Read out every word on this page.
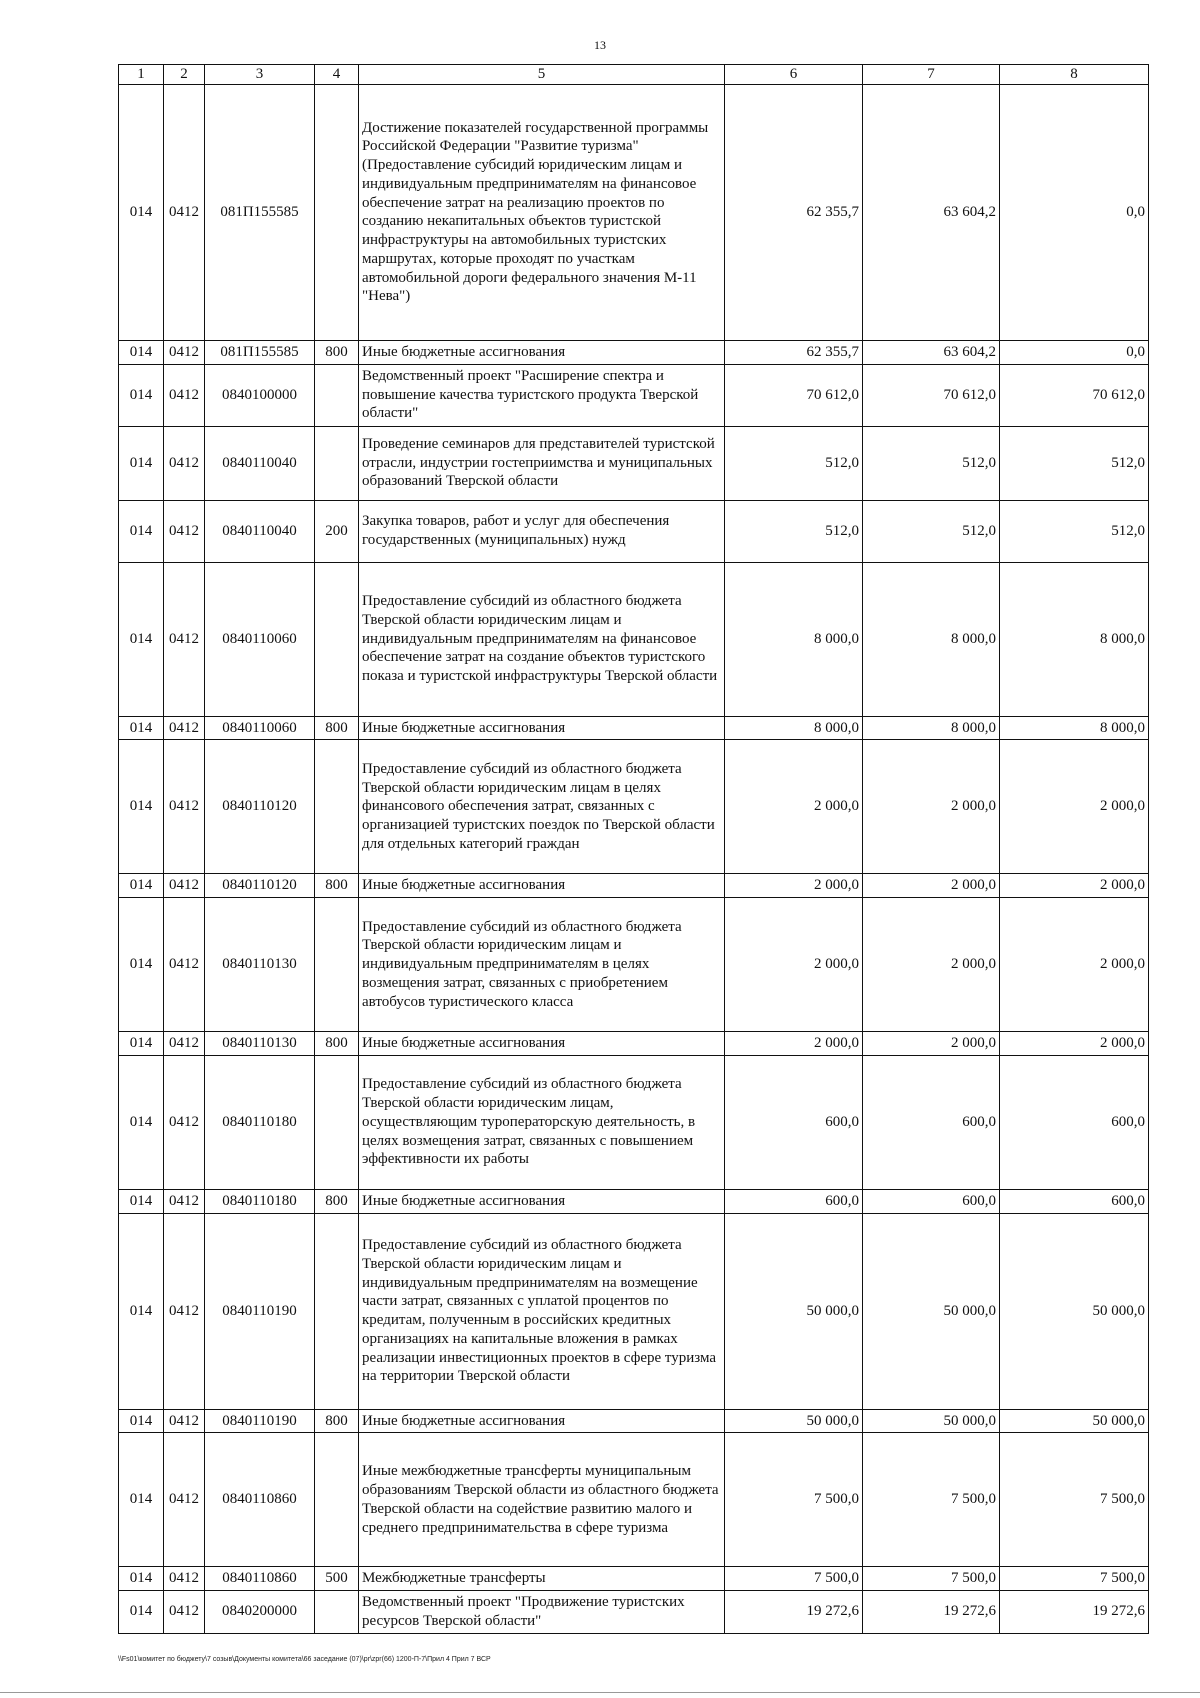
13
1	2	3	4	5	6	7	8
014	0412	081П155585		Достижение показателей государственной программы Российской Федерации "Развитие туризма" (Предоставление субсидий юридическим лицам и индивидуальным предпринимателям на финансовое обеспечение затрат на реализацию проектов по созданию некапитальных объектов туристской инфраструктуры на автомобильных туристских маршрутах, которые проходят по участкам автомобильной дороги федерального значения М-11 "Нева")	62 355,7	63 604,2	0,0
014	0412	081П155585	800	Иные бюджетные ассигнования	62 355,7	63 604,2	0,0
014	0412	0840100000		Ведомственный проект "Расширение спектра и повышение качества туристского продукта Тверской области"	70 612,0	70 612,0	70 612,0
014	0412	0840110040		Проведение семинаров для представителей туристской отрасли, индустрии гостеприимства и муниципальных образований Тверской области	512,0	512,0	512,0
014	0412	0840110040	200	Закупка товаров, работ и услуг для обеспечения государственных (муниципальных) нужд	512,0	512,0	512,0
014	0412	0840110060		Предоставление субсидий из областного бюджета Тверской области юридическим лицам и индивидуальным предпринимателям на финансовое обеспечение затрат на создание объектов туристского показа и туристской инфраструктуры Тверской области	8 000,0	8 000,0	8 000,0
014	0412	0840110060	800	Иные бюджетные ассигнования	8 000,0	8 000,0	8 000,0
014	0412	0840110120		Предоставление субсидий из областного бюджета Тверской области юридическим лицам в целях финансового обеспечения затрат, связанных с организацией туристских поездок по Тверской области для отдельных категорий граждан	2 000,0	2 000,0	2 000,0
014	0412	0840110120	800	Иные бюджетные ассигнования	2 000,0	2 000,0	2 000,0
014	0412	0840110130		Предоставление субсидий из областного бюджета Тверской области юридическим лицам и индивидуальным предпринимателям в целях возмещения затрат, связанных с приобретением автобусов туристического класса	2 000,0	2 000,0	2 000,0
014	0412	0840110130	800	Иные бюджетные ассигнования	2 000,0	2 000,0	2 000,0
014	0412	0840110180		Предоставление субсидий из областного бюджета Тверской области юридическим лицам, осуществляющим туроператорскую деятельность, в целях возмещения затрат, связанных с повышением эффективности их работы	600,0	600,0	600,0
014	0412	0840110180	800	Иные бюджетные ассигнования	600,0	600,0	600,0
014	0412	0840110190		Предоставление субсидий из областного бюджета Тверской области юридическим лицам и индивидуальным предпринимателям на возмещение части затрат, связанных с уплатой процентов по кредитам, полученным в российских кредитных организациях на капитальные вложения в рамках реализации инвестиционных проектов в сфере туризма на территории Тверской области	50 000,0	50 000,0	50 000,0
014	0412	0840110190	800	Иные бюджетные ассигнования	50 000,0	50 000,0	50 000,0
014	0412	0840110860		Иные межбюджетные трансферты муниципальным образованиям Тверской области из областного бюджета Тверской области на содействие развитию малого и среднего предпринимательства в сфере туризма	7 500,0	7 500,0	7 500,0
014	0412	0840110860	500	Межбюджетные трансферты	7 500,0	7 500,0	7 500,0
014	0412	0840200000		Ведомственный проект "Продвижение туристских ресурсов Тверской области"	19 272,6	19 272,6	19 272,6
\\Fs01\комитет по бюджету\7 созыв\Документы комитета\66 заседание (07)\pr\zpr(66) 1200-П-7\Прил 4 Прил 7 ВСР
